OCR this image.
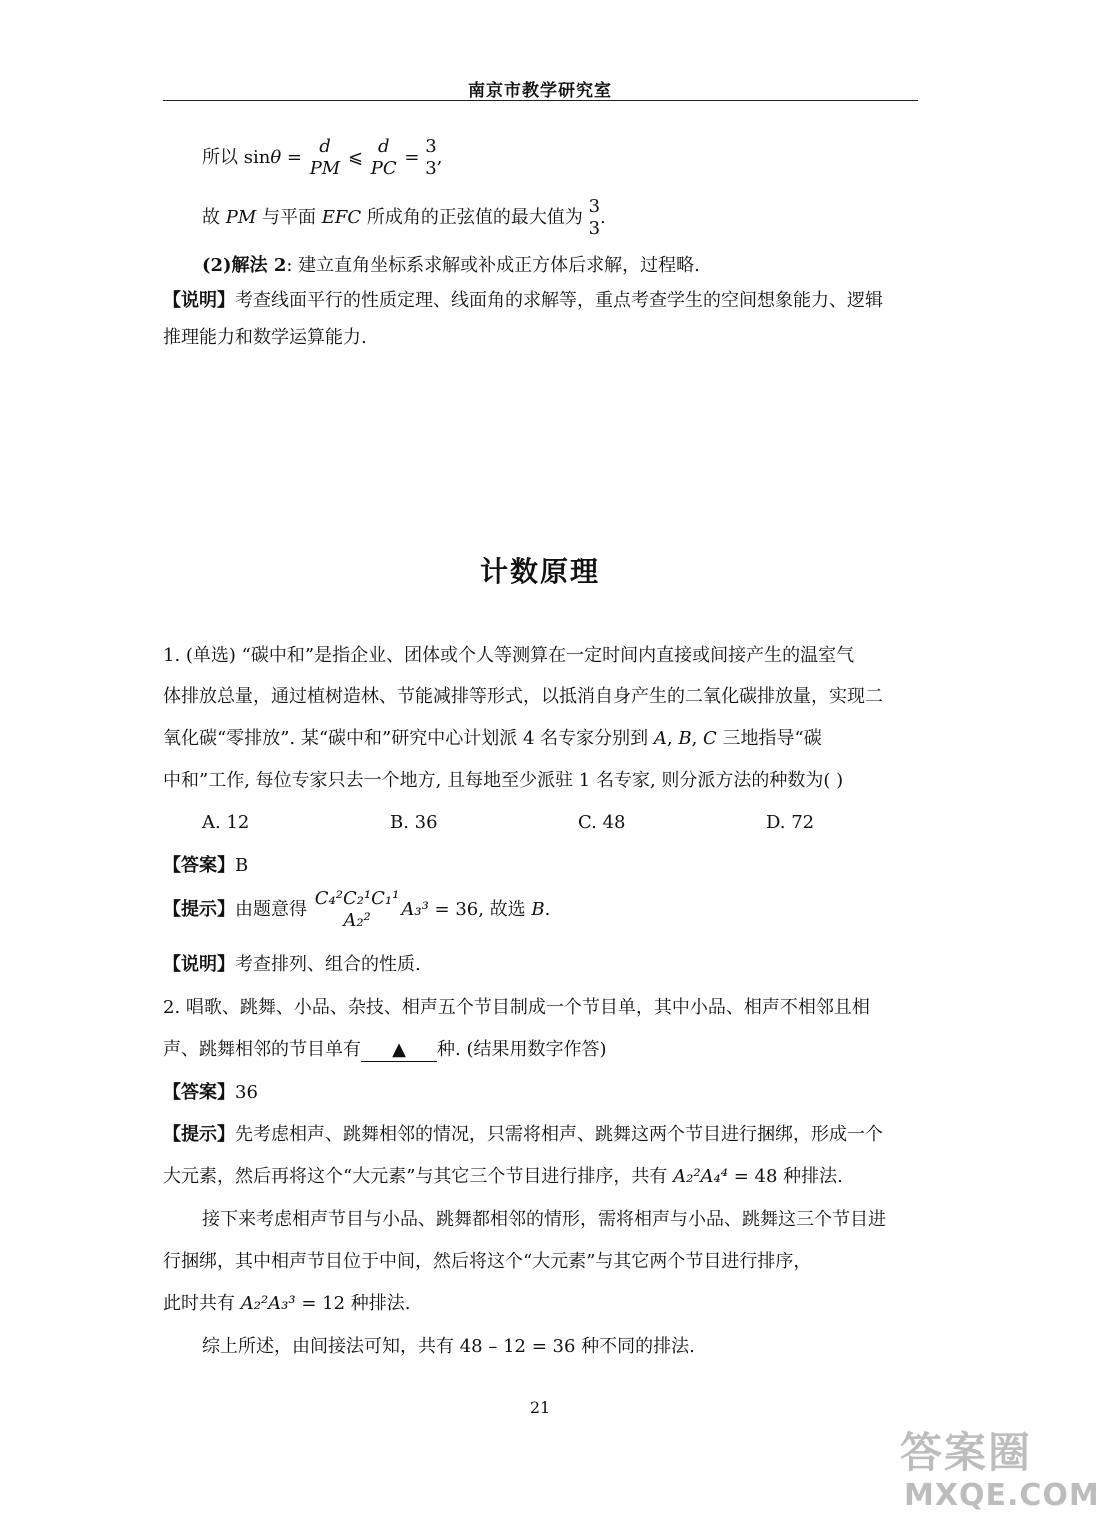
南京市教学研究室
所以 sinθ =
d
PM
⩽
d
PC
=
3
3
,
故 PM 与平面 EFC 所成角的正弦值的最大值为
3
3
.
(2)解法 2: 建立直角坐标系求解或补成正方体后求解，过程略.
【说明】考查线面平行的性质定理、线面角的求解等，重点考查学生的空间想象能力、逻辑
推理能力和数学运算能力.
计数原理
1. (单选) “碳中和”是指企业、团体或个人等测算在一定时间内直接或间接产生的温室气
体排放总量，通过植树造林、节能减排等形式，以抵消自身产生的二氧化碳排放量，实现二
氧化碳“零排放”. 某“碳中和”研究中心计划派 4 名专家分别到 A, B, C 三地指导“碳
中和”工作, 每位专家只去一个地方, 且每地至少派驻 1 名专家, 则分派方法的种数为( )
A. 12	B. 36	C. 48	D. 72
【答案】B
【提示】由题意得
C₄²C₂¹C₁¹
A₂²
A₃³ = 36, 故选 B.
【说明】考查排列、组合的性质.
2. 唱歌、跳舞、小品、杂技、相声五个节目制成一个节目单，其中小品、相声不相邻且相
声、跳舞相邻的节目单有 ▲ 种. (结果用数字作答)
【答案】36
【提示】先考虑相声、跳舞相邻的情况，只需将相声、跳舞这两个节目进行捆绑，形成一个
大元素，然后再将这个“大元素”与其它三个节目进行排序，共有 A₂²A₄⁴ = 48 种排法.
接下来考虑相声节目与小品、跳舞都相邻的情形，需将相声与小品、跳舞这三个节目进
行捆绑，其中相声节目位于中间，然后将这个“大元素”与其它两个节目进行排序，
此时共有 A₂²A₃³ = 12 种排法.
综上所述，由间接法可知，共有 48 – 12 = 36 种不同的排法.
21
答案圈
MXQE.COM
